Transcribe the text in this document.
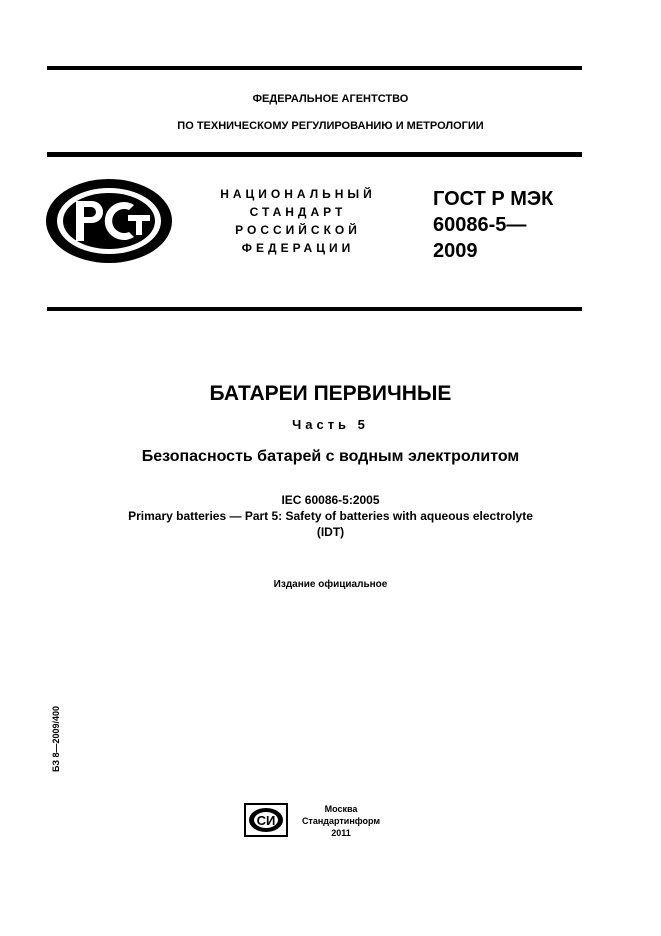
ФЕДЕРАЛЬНОЕ АГЕНТСТВО
ПО ТЕХНИЧЕСКОМУ РЕГУЛИРОВАНИЮ И МЕТРОЛОГИИ
НАЦИОНАЛЬНЫЙ
СТАНДАРТ
РОССИЙСКОЙ
ФЕДЕРАЦИИ
ГОСТ Р МЭК
60086-5—
2009
БАТАРЕИ ПЕРВИЧНЫЕ
Часть 5
Безопасность батарей с водным электролитом
IEC 60086-5:2005
Primary batteries — Part 5: Safety of batteries with aqueous electrolyte
(IDT)
Издание официальное
БЗ 8—2009/400
СИ
Москва
Стандартинформ
2011
